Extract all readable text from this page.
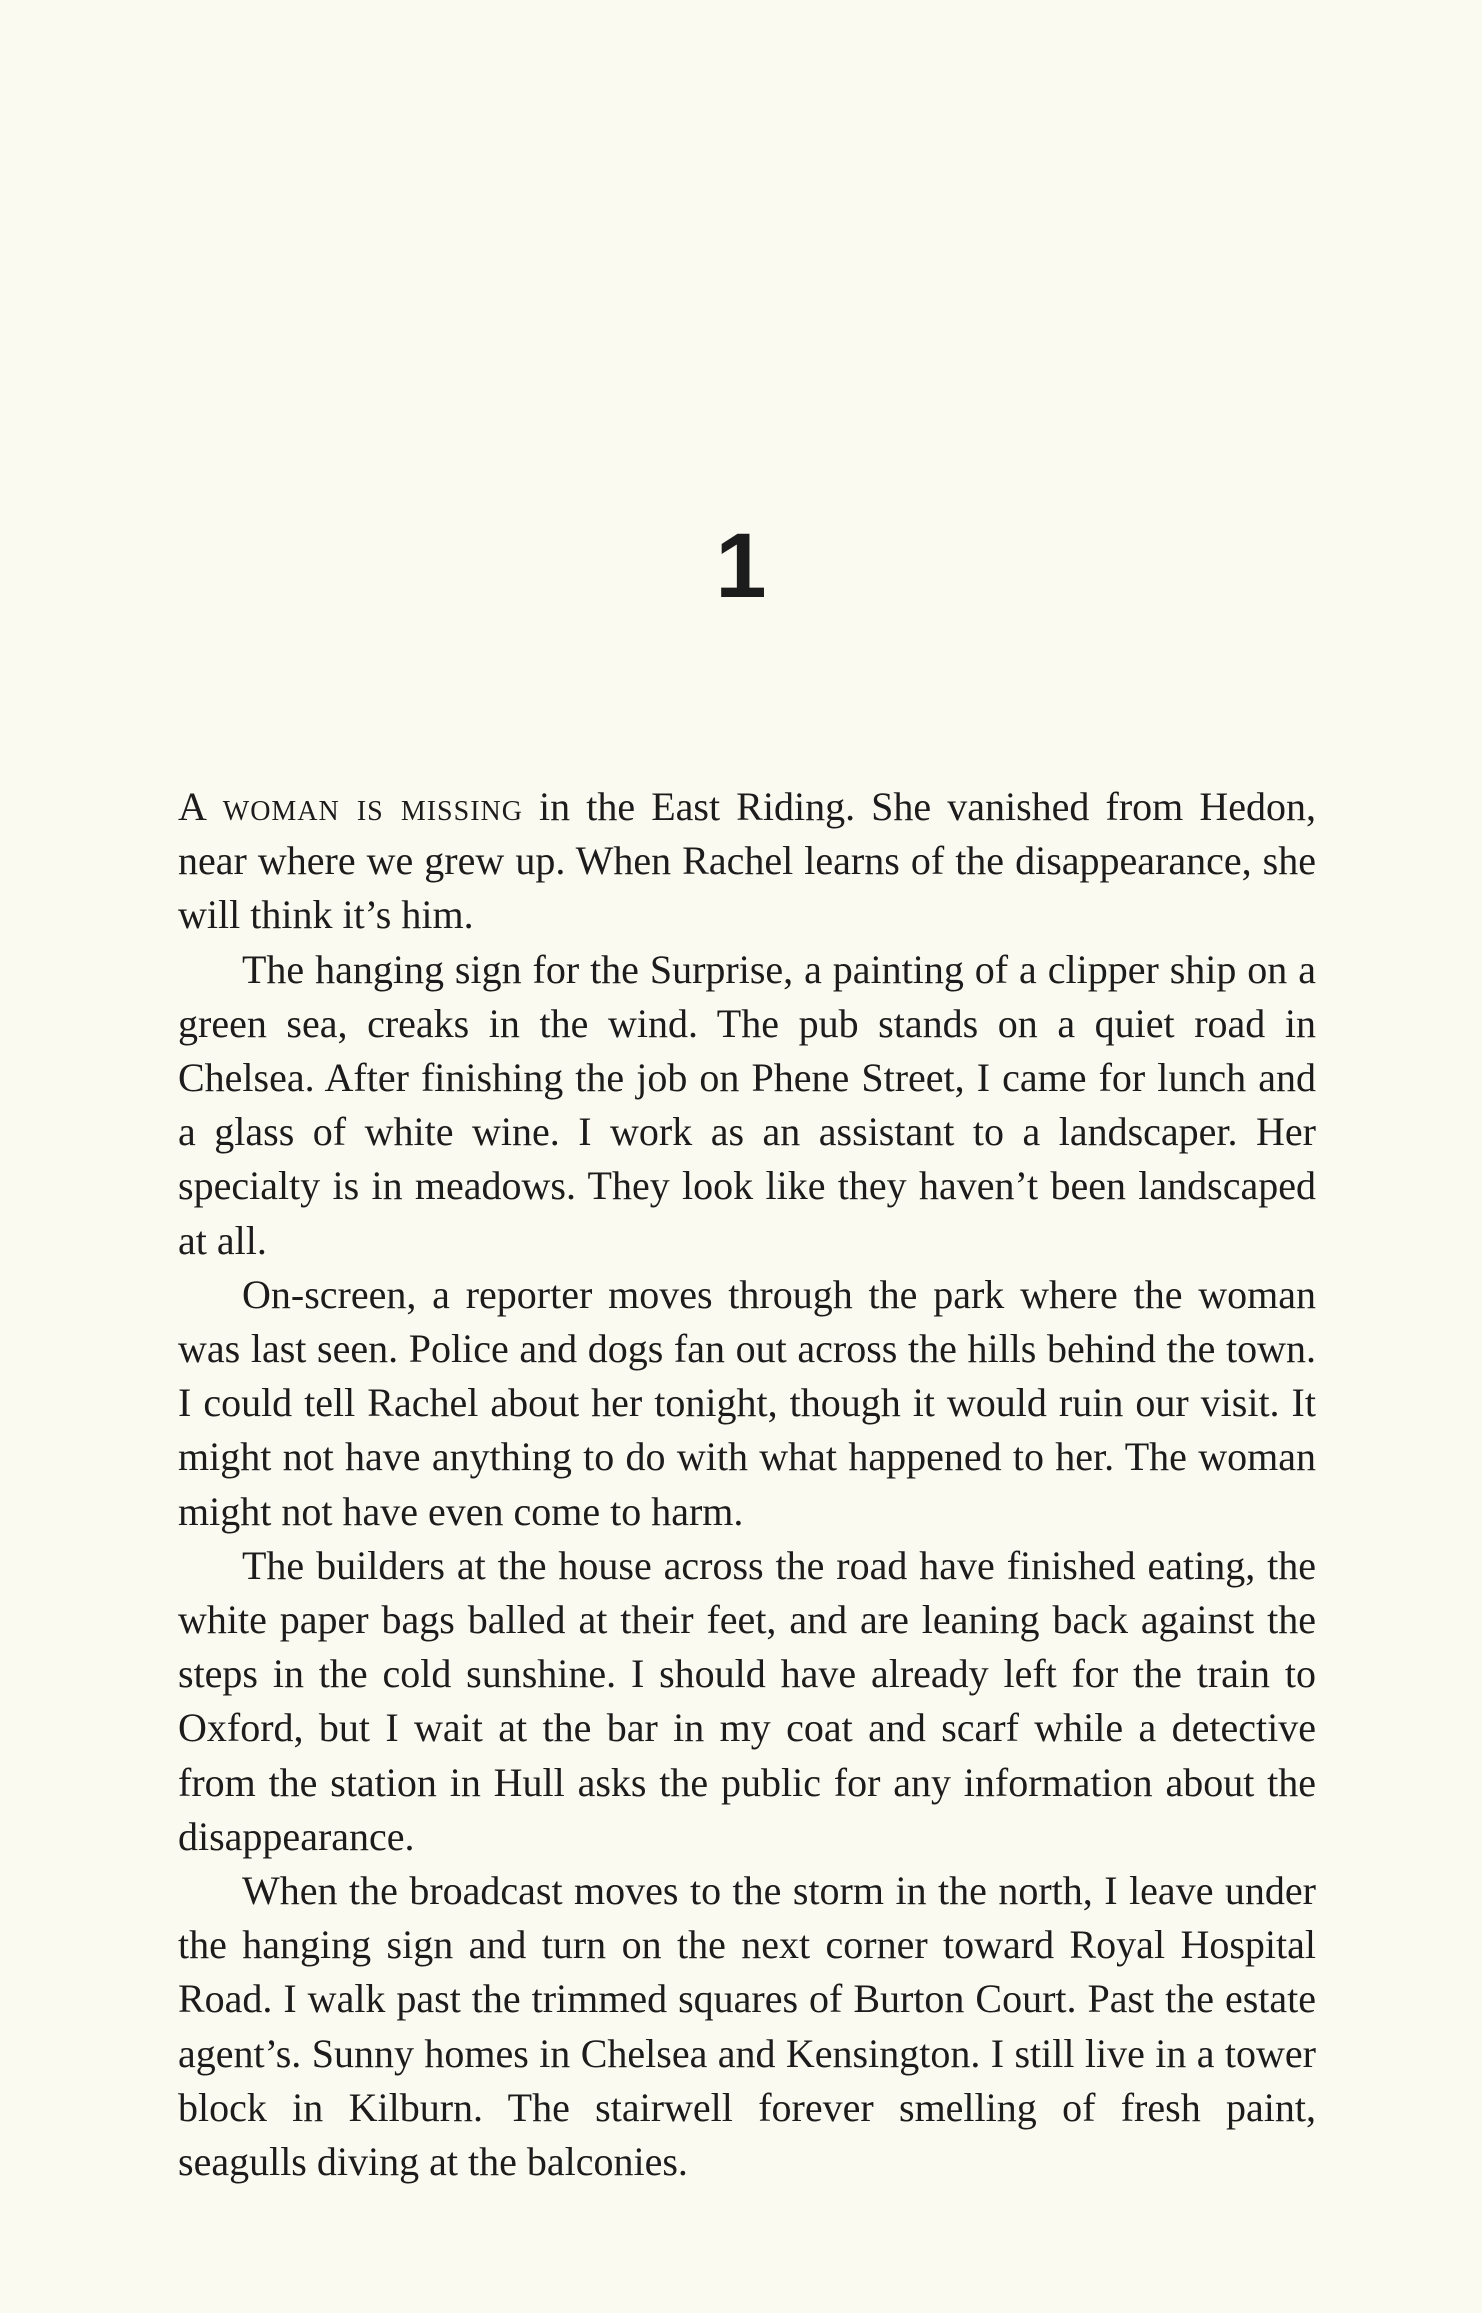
1

A woman is missing in the East Riding. She vanished from Hedon, near where we grew up. When Rachel learns of the disappearance, she will think it’s him.

The hanging sign for the Surprise, a painting of a clipper ship on a green sea, creaks in the wind. The pub stands on a quiet road in Chelsea. After finishing the job on Phene Street, I came for lunch and a glass of white wine. I work as an assistant to a landscaper. Her specialty is in meadows. They look like they haven’t been landscaped at all.

On-screen, a reporter moves through the park where the woman was last seen. Police and dogs fan out across the hills behind the town. I could tell Rachel about her tonight, though it would ruin our visit. It might not have anything to do with what happened to her. The woman might not have even come to harm.

The builders at the house across the road have finished eating, the white paper bags balled at their feet, and are leaning back against the steps in the cold sunshine. I should have already left for the train to Oxford, but I wait at the bar in my coat and scarf while a detective from the station in Hull asks the public for any information about the disappearance.

When the broadcast moves to the storm in the north, I leave under the hanging sign and turn on the next corner toward Royal Hospital Road. I walk past the trimmed squares of Burton Court. Past the estate agent’s. Sunny homes in Chelsea and Kensington. I still live in a tower block in Kilburn. The stairwell forever smelling of fresh paint, seagulls diving at the balconies.
